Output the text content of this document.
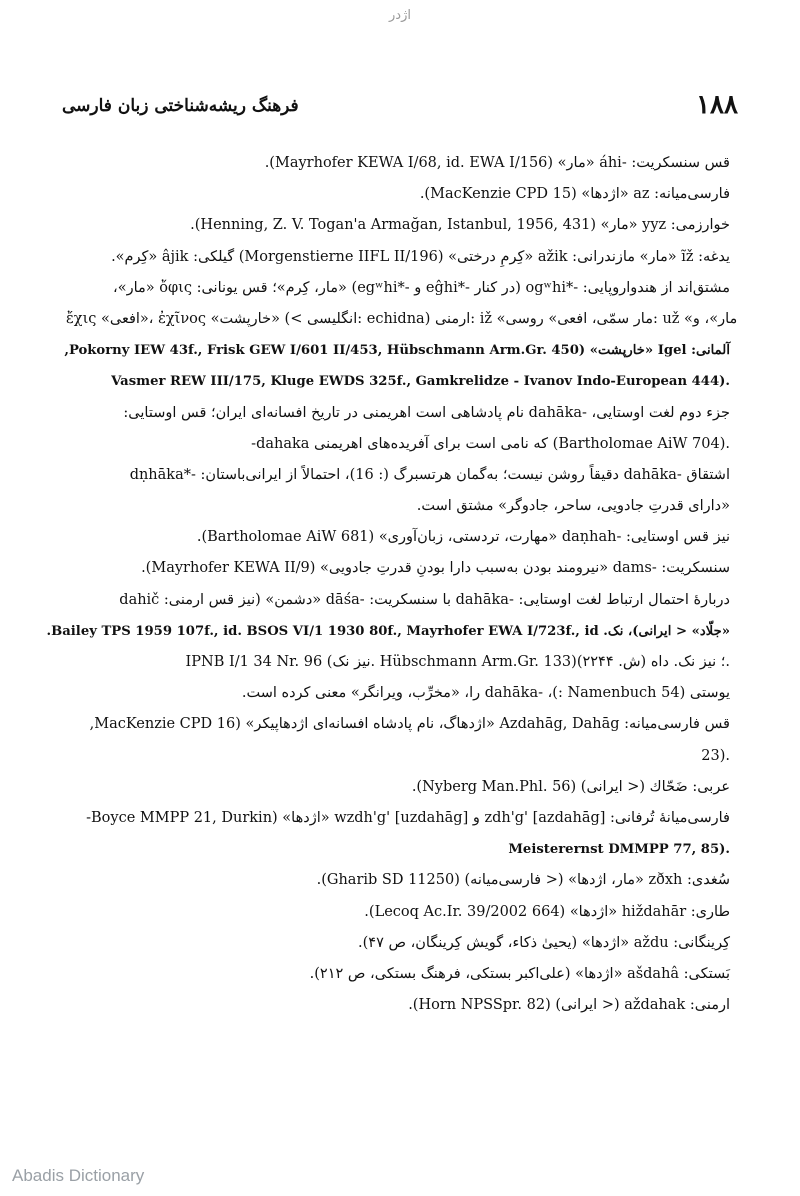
اژدر
فرهنگ ریشه‌شناختی زبان فارسی	۱۸۸
قس سنسکریت: -áhi «مار» (Mayrhofer KEWA I/68, id. EWA I/156).
فارسی‌میانه: az «اژدها» (MacKenzie CPD 15).
خوارزمی: yyz «مار» (Henning, Z. V. Togan'a Armağan, Istanbul, 1956, 431).
یدغه: ĩž «مار» مازندرانی: ažik «کِرمِ درختی» (Morgenstierne IIFL II/196) گیلکی: âjik «کِرم».
مشتق‌اند از هندواروپایی: -*ogʷhi (در کنار -*eĝhi و -*egʷhi) «مار، کِرم»؛ قس یونانی: ὄφις «مار»،
ἔχις «افعی»، ἐχῖνος «خارپشت» (< انگلیسی: echidna) ارمنی: iž «مار سمّی، افعی» روسی: už «مار»، و
آلمانی: Igel «خارپشت» (Pokorny IEW 43f., Frisk GEW I/601 II/453, Hübschmann Arm.Gr. 450,
Vasmer REW III/175, Kluge EWDS 325f., Gamkrelidze - Ivanov Indo-European 444).
جزء دوم لغت اوستایی، -dahāka نام پادشاهی است اهریمنی در تاریخ افسانه‌ای ایران؛ قس اوستایی:
-dahaka که نامی است برای آفریده‌های اهریمنی (Bartholomae AiW 704).
اشتقاق -dahāka دقیقاً روشن نیست؛ به‌گمان هرتسبرگ (: 16)، احتمالاً از ایرانی‌باستان: -*dṇhāka
«دارای قدرتِ جادویی، ساحر، جادوگر» مشتق است.
نیز قس اوستایی: -daṇhah «مهارت، تردستی، زبان‌آوری» (Bartholomae AiW 681).
سنسکریت: -dams «نیرومند بودن به‌سبب دارا بودنِ قدرتِ جادویی» (Mayrhofer KEWA II/9).
دربارهٔ احتمال ارتباط لغت اوستایی: -dahāka با سنسکریت: -dāśa «دشمن» (نیز قس ارمنی: dahič
«جلّاد» < ایرانی)، نک. Bailey TPS 1959 107f., id. BSOS VI/1 1930 80f., Mayrhofer EWA I/723f., id.
IPNB I/1 34 Nr. 96 (نیز نک. Hübschmann Arm.Gr. 133)؛ نیز نک. داه (ش. ۲۲۴۴).
یوستی (Namenbuch 54 :)، -dahāka را، «مخرِّب، ویرانگر» معنی کرده است.
قس فارسی‌میانه: Azdahāg, Dahāg «اژدهاگ، نام پادشاه افسانه‌ای اژدهاپیکر» (MacKenzie CPD 16,
23).
عربی: ضَحّاك (< ایرانی) (Nyberg Man.Phl. 56).
فارسی‌میانهٔ تُرفانی: [azdahāg] 'zdh'g و [uzdahāg] 'wzdh'g «اژدها» (Boyce MMPP 21, Durkin-
Meisterernst DMMPP 77, 85).
سُغدی: zðxh «مار، اژدها» (< فارسی‌میانه) (Gharib SD 11250).
طاری: hiždahār «اژدها» (Lecoq Ac.Ir. 39/2002 664).
کِرینگانی: aždu «اژدها» (یحییٰ ذکاء، گویش کِرینگان، ص ۴۷).
بَستکی: ašdahâ «اژدها» (علی‌اکبر بستکی، فرهنگ بستکی، ص ۲۱۲).
ارمنی: aždahak (< ایرانی) (Horn NPSSpr. 82).
Abadis Dictionary
